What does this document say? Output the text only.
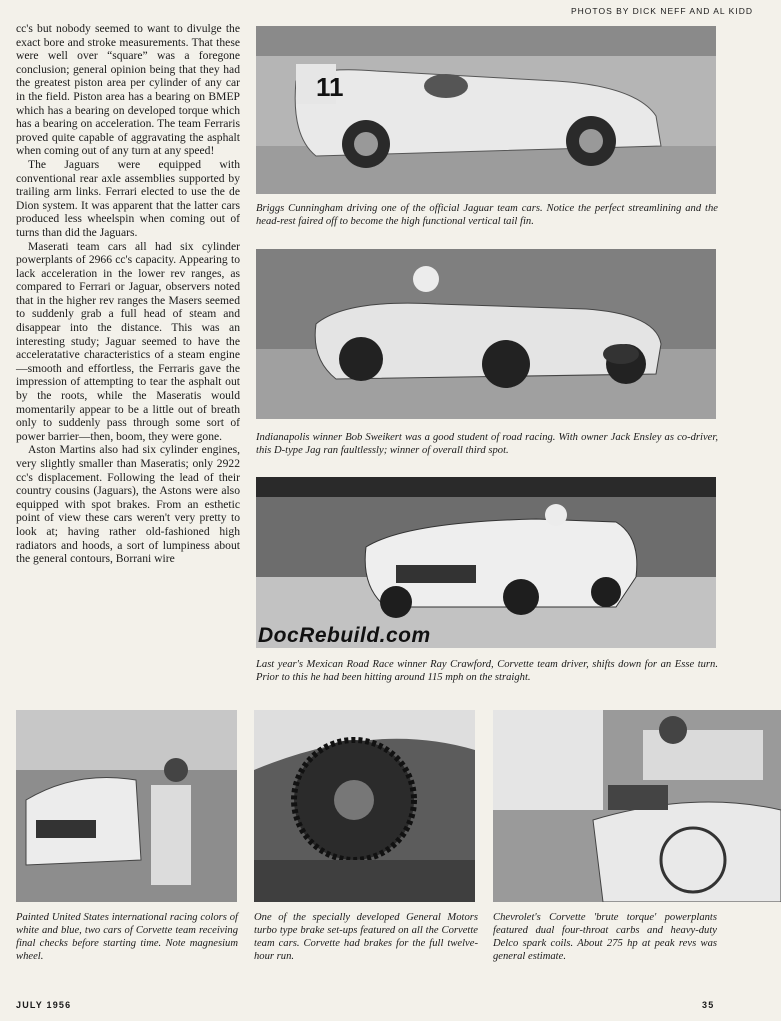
PHOTOS BY DICK NEFF AND AL KIDD

cc's but nobody seemed to want to divulge the exact bore and stroke measurements. That these were well over “square” was a foregone conclusion; general opinion being that they had the greatest piston area per cylinder of any car in the field. Piston area has a bearing on BMEP which has a bearing on developed torque which has a bearing on acceleration. The team Ferraris proved quite capable of aggravating the asphalt when coming out of any turn at any speed!

The Jaguars were equipped with conventional rear axle assemblies supported by trailing arm links. Ferrari elected to use the de Dion system. It was apparent that the latter cars produced less wheelspin when coming out of turns than did the Jaguars.

Maserati team cars all had six cylinder powerplants of 2966 cc's capacity. Appearing to lack acceleration in the lower rev ranges, as compared to Ferrari or Jaguar, observers noted that in the higher rev ranges the Masers seemed to suddenly grab a full head of steam and disappear into the distance. This was an interesting study; Jaguar seemed to have the acceleratative characteristics of a steam engine—smooth and effortless, the Ferraris gave the impression of attempting to tear the asphalt out by the roots, while the Maseratis would momentarily appear to be a little out of breath only to suddenly pass through some sort of power barrier—then, boom, they were gone.

Aston Martins also had six cylinder engines, very slightly smaller than Maseratis; only 2922 cc's displacement. Following the lead of their country cousins (Jaguars), the Astons were also equipped with spot brakes. From an esthetic point of view these cars weren't very pretty to look at; having rather old-fashioned high radiators and hoods, a sort of lumpiness about the general contours, Borrani wire

11
Briggs Cunningham driving one of the official Jaguar team cars. Notice the perfect streamlining and the head-rest faired off to become the high functional vertical tail fin.
Indianapolis winner Bob Sweikert was a good student of road racing. With owner Jack Ensley as co-driver, this D-type Jag ran faultlessly; winner of overall third spot.
DocRebuild.com
Last year's Mexican Road Race winner Ray Crawford, Corvette team driver, shifts down for an Esse turn. Prior to this he had been hitting around 115 mph on the straight.
Painted United States international racing colors of white and blue, two cars of Corvette team receiving final checks before starting time. Note magnesium wheel.
One of the specially developed General Motors turbo type brake set-ups featured on all the Corvette team cars. Corvette had brakes for the full twelve-hour run.
Chevrolet's Corvette 'brute torque' powerplants featured dual four-throat carbs and heavy-duty Delco spark coils. About 275 hp at peak revs was general estimate.
JULY 1956	35
